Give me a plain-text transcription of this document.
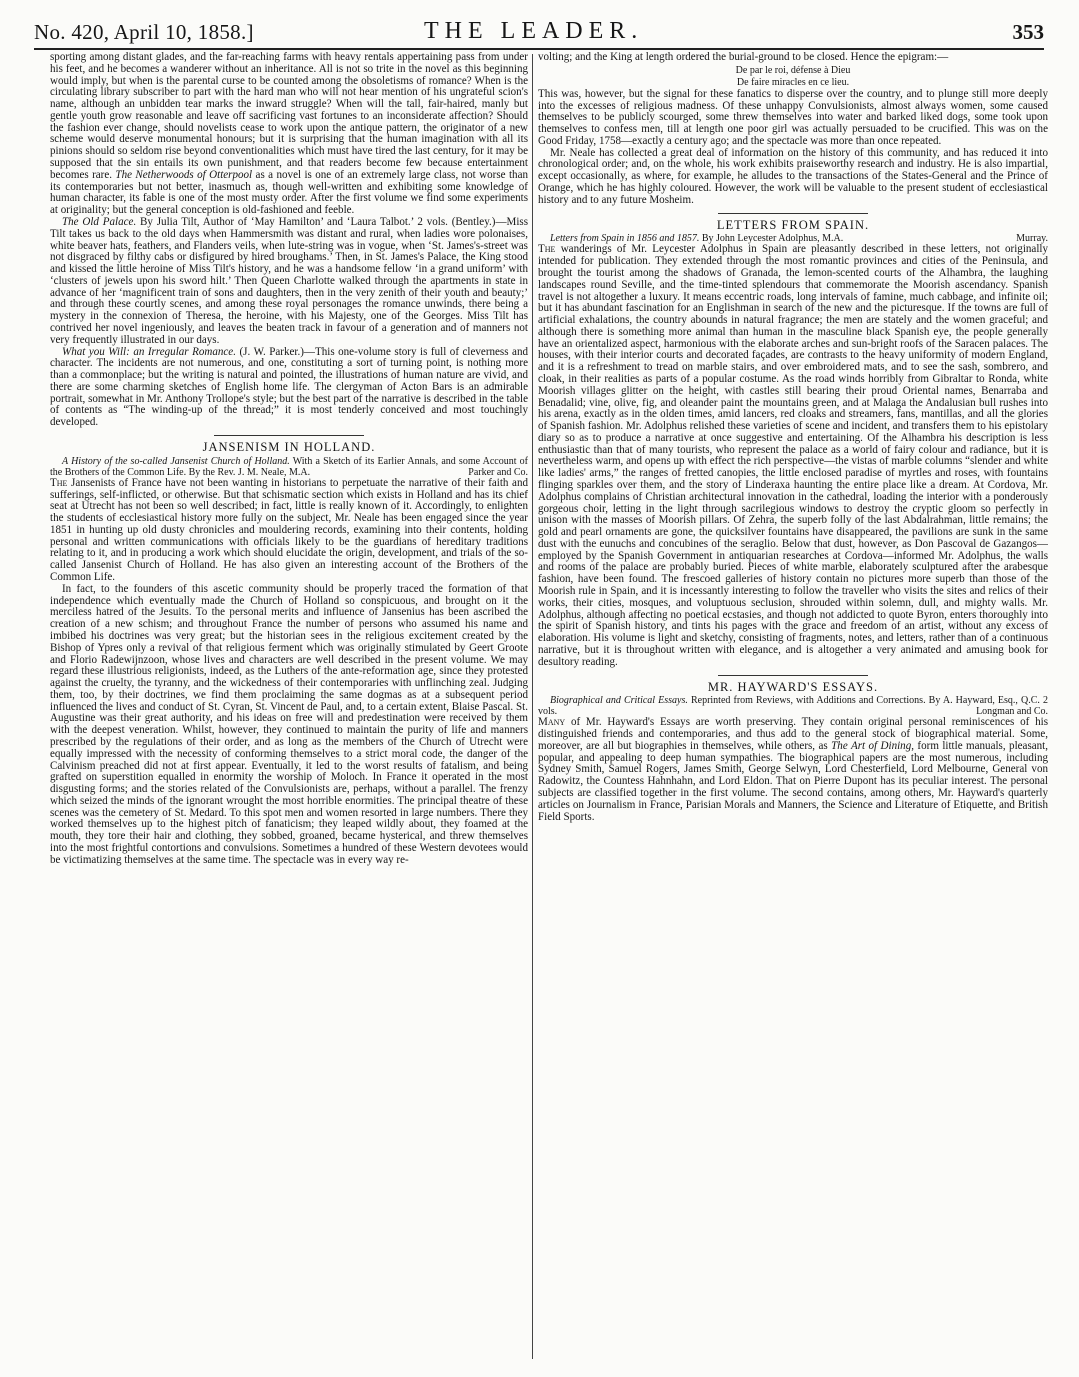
No. 420, April 10, 1858.]	THE LEADER.	353

sporting among distant glades, and the far-reaching farms with heavy rentals appertaining pass from under his feet, and he becomes a wanderer without an inheritance. All is not so trite in the novel as this beginning would imply, but when is the parental curse to be counted among the obsoletisms of romance? When is the circulating library subscriber to part with the hard man who will not hear mention of his ungrateful scion's name, although an unbidden tear marks the inward struggle? When will the tall, fair-haired, manly but gentle youth grow reasonable and leave off sacrificing vast fortunes to an inconsiderate affection? Should the fashion ever change, should novelists cease to work upon the antique pattern, the originator of a new scheme would deserve monumental honours; but it is surprising that the human imagination with all its pinions should so seldom rise beyond conventionalities which must have tired the last century, for it may be supposed that the sin entails its own punishment, and that readers become few because entertainment becomes rare. The Netherwoods of Otterpool as a novel is one of an extremely large class, not worse than its contemporaries but not better, inasmuch as, though well-written and exhibiting some knowledge of human character, its fable is one of the most musty order. After the first volume we find some experiments at originality; but the general conception is old-fashioned and feeble.

The Old Palace. By Julia Tilt, Author of ‘May Hamilton’ and ‘Laura Talbot.’ 2 vols. (Bentley.)—Miss Tilt takes us back to the old days when Hammersmith was distant and rural, when ladies wore polonaises, white beaver hats, feathers, and Flanders veils, when lute-string was in vogue, when ‘St. James's-street was not disgraced by filthy cabs or disfigured by hired broughams.’ Then, in St. James's Palace, the King stood and kissed the little heroine of Miss Tilt's history, and he was a handsome fellow ‘in a grand uniform’ with ‘clusters of jewels upon his sword hilt.’ Then Queen Charlotte walked through the apartments in state in advance of her ‘magnificent train of sons and daughters, then in the very zenith of their youth and beauty;’ and through these courtly scenes, and among these royal personages the romance unwinds, there being a mystery in the connexion of Theresa, the heroine, with his Majesty, one of the Georges. Miss Tilt has contrived her novel ingeniously, and leaves the beaten track in favour of a generation and of manners not very frequently illustrated in our days.

What you Will: an Irregular Romance. (J. W. Parker.)—This one-volume story is full of cleverness and character. The incidents are not numerous, and one, constituting a sort of turning point, is nothing more than a commonplace; but the writing is natural and pointed, the illustrations of human nature are vivid, and there are some charming sketches of English home life. The clergyman of Acton Bars is an admirable portrait, somewhat in Mr. Anthony Trollope's style; but the best part of the narrative is described in the table of contents as “The winding-up of the thread;” it is most tenderly conceived and most touchingly developed.

JANSENISM IN HOLLAND.

A History of the so-called Jansenist Church of Holland. With a Sketch of its Earlier Annals, and some Account of the Brothers of the Common Life. By the Rev. J. M. Neale, M.A.	Parker and Co.

The Jansenists of France have not been wanting in historians to perpetuate the narrative of their faith and sufferings, self-inflicted, or otherwise. But that schismatic section which exists in Holland and has its chief seat at Utrecht has not been so well described; in fact, little is really known of it. Accordingly, to enlighten the students of ecclesiastical history more fully on the subject, Mr. Neale has been engaged since the year 1851 in hunting up old dusty chronicles and mouldering records, examining into their contents, holding personal and written communications with officials likely to be the guardians of hereditary traditions relating to it, and in producing a work which should elucidate the origin, development, and trials of the so-called Jansenist Church of Holland. He has also given an interesting account of the Brothers of the Common Life.

In fact, to the founders of this ascetic community should be properly traced the formation of that independence which eventually made the Church of Holland so conspicuous, and brought on it the merciless hatred of the Jesuits. To the personal merits and influence of Jansenius has been ascribed the creation of a new schism; and throughout France the number of persons who assumed his name and imbibed his doctrines was very great; but the historian sees in the religious excitement created by the Bishop of Ypres only a revival of that religious ferment which was originally stimulated by Geert Groote and Florio Radewijnzoon, whose lives and characters are well described in the present volume. We may regard these illustrious religionists, indeed, as the Luthers of the ante-reformation age, since they protested against the cruelty, the tyranny, and the wickedness of their contemporaries with unflinching zeal. Judging them, too, by their doctrines, we find them proclaiming the same dogmas as at a subsequent period influenced the lives and conduct of St. Cyran, St. Vincent de Paul, and, to a certain extent, Blaise Pascal. St. Augustine was their great authority, and his ideas on free will and predestination were received by them with the deepest veneration. Whilst, however, they continued to maintain the purity of life and manners prescribed by the regulations of their order, and as long as the members of the Church of Utrecht were equally impressed with the necessity of conforming themselves to a strict moral code, the danger of the Calvinism preached did not at first appear. Eventually, it led to the worst results of fatalism, and being grafted on superstition equalled in enormity the worship of Moloch. In France it operated in the most disgusting forms; and the stories related of the Convulsionists are, perhaps, without a parallel. The frenzy which seized the minds of the ignorant wrought the most horrible enormities. The principal theatre of these scenes was the cemetery of St. Medard. To this spot men and women resorted in large numbers. There they worked themselves up to the highest pitch of fanaticism; they leaped wildly about, they foamed at the mouth, they tore their hair and clothing, they sobbed, groaned, became hysterical, and threw themselves into the most frightful contortions and convulsions. Sometimes a hundred of these Western devotees would be victimatizing themselves at the same time. The spectacle was in every way re-

volting; and the King at length ordered the burial-ground to be closed. Hence the epigram:—

De par le roi, défense à Dieu
De faire miracles en ce lieu.

This was, however, but the signal for these fanatics to disperse over the country, and to plunge still more deeply into the excesses of religious madness. Of these unhappy Convulsionists, almost always women, some caused themselves to be publicly scourged, some threw themselves into water and barked liked dogs, some took upon themselves to confess men, till at length one poor girl was actually persuaded to be crucified. This was on the Good Friday, 1758—exactly a century ago; and the spectacle was more than once repeated.

Mr. Neale has collected a great deal of information on the history of this community, and has reduced it into chronological order; and, on the whole, his work exhibits praiseworthy research and industry. He is also impartial, except occasionally, as where, for example, he alludes to the transactions of the States-General and the Prince of Orange, which he has highly coloured. However, the work will be valuable to the present student of ecclesiastical history and to any future Mosheim.

LETTERS FROM SPAIN.

Letters from Spain in 1856 and 1857. By John Leycester Adolphus, M.A.	Murray.

The wanderings of Mr. Leycester Adolphus in Spain are pleasantly described in these letters, not originally intended for publication. They extended through the most romantic provinces and cities of the Peninsula, and brought the tourist among the shadows of Granada, the lemon-scented courts of the Alhambra, the laughing landscapes round Seville, and the time-tinted splendours that commemorate the Moorish ascendancy. Spanish travel is not altogether a luxury. It means eccentric roads, long intervals of famine, much cabbage, and infinite oil; but it has abundant fascination for an Englishman in search of the new and the picturesque. If the towns are full of artificial exhalations, the country abounds in natural fragrance; the men are stately and the women graceful; and although there is something more animal than human in the masculine black Spanish eye, the people generally have an orientalized aspect, harmonious with the elaborate arches and sun-bright roofs of the Saracen palaces. The houses, with their interior courts and decorated façades, are contrasts to the heavy uniformity of modern England, and it is a refreshment to tread on marble stairs, and over embroidered mats, and to see the sash, sombrero, and cloak, in their realities as parts of a popular costume. As the road winds horribly from Gibraltar to Ronda, white Moorish villages glitter on the height, with castles still bearing their proud Oriental names, Benarraba and Benadalid; vine, olive, fig, and oleander paint the mountains green, and at Malaga the Andalusian bull rushes into his arena, exactly as in the olden times, amid lancers, red cloaks and streamers, fans, mantillas, and all the glories of Spanish fashion. Mr. Adolphus relished these varieties of scene and incident, and transfers them to his epistolary diary so as to produce a narrative at once suggestive and entertaining. Of the Alhambra his description is less enthusiastic than that of many tourists, who represent the palace as a world of fairy colour and radiance, but it is nevertheless warm, and opens up with effect the rich perspective—the vistas of marble columns “slender and white like ladies' arms,” the ranges of fretted canopies, the little enclosed paradise of myrtles and roses, with fountains flinging sparkles over them, and the story of Linderaxa haunting the entire place like a dream. At Cordova, Mr. Adolphus complains of Christian architectural innovation in the cathedral, loading the interior with a ponderously gorgeous choir, letting in the light through sacrilegious windows to destroy the cryptic gloom so perfectly in unison with the masses of Moorish pillars. Of Zehra, the superb folly of the last Abdalrahman, little remains; the gold and pearl ornaments are gone, the quicksilver fountains have disappeared, the pavilions are sunk in the same dust with the eunuchs and concubines of the seraglio. Below that dust, however, as Don Pascoval de Gazangos—employed by the Spanish Government in antiquarian researches at Cordova—informed Mr. Adolphus, the walls and rooms of the palace are probably buried. Pieces of white marble, elaborately sculptured after the arabesque fashion, have been found. The frescoed galleries of history contain no pictures more superb than those of the Moorish rule in Spain, and it is incessantly interesting to follow the traveller who visits the sites and relics of their works, their cities, mosques, and voluptuous seclusion, shrouded within solemn, dull, and mighty walls. Mr. Adolphus, although affecting no poetical ecstasies, and though not addicted to quote Byron, enters thoroughly into the spirit of Spanish history, and tints his pages with the grace and freedom of an artist, without any excess of elaboration. His volume is light and sketchy, consisting of fragments, notes, and letters, rather than of a continuous narrative, but it is throughout written with elegance, and is altogether a very animated and amusing book for desultory reading.

MR. HAYWARD'S ESSAYS.

Biographical and Critical Essays. Reprinted from Reviews, with Additions and Corrections. By A. Hayward, Esq., Q.C. 2 vols.	Longman and Co.

Many of Mr. Hayward's Essays are worth preserving. They contain original personal reminiscences of his distinguished friends and contemporaries, and thus add to the general stock of biographical material. Some, moreover, are all but biographies in themselves, while others, as The Art of Dining, form little manuals, pleasant, popular, and appealing to deep human sympathies. The biographical papers are the most numerous, including Sydney Smith, Samuel Rogers, James Smith, George Selwyn, Lord Chesterfield, Lord Melbourne, General von Radowitz, the Countess Hahnhahn, and Lord Eldon. That on Pierre Dupont has its peculiar interest. The personal subjects are classified together in the first volume. The second contains, among others, Mr. Hayward's quarterly articles on Journalism in France, Parisian Morals and Manners, the Science and Literature of Etiquette, and British Field Sports.
